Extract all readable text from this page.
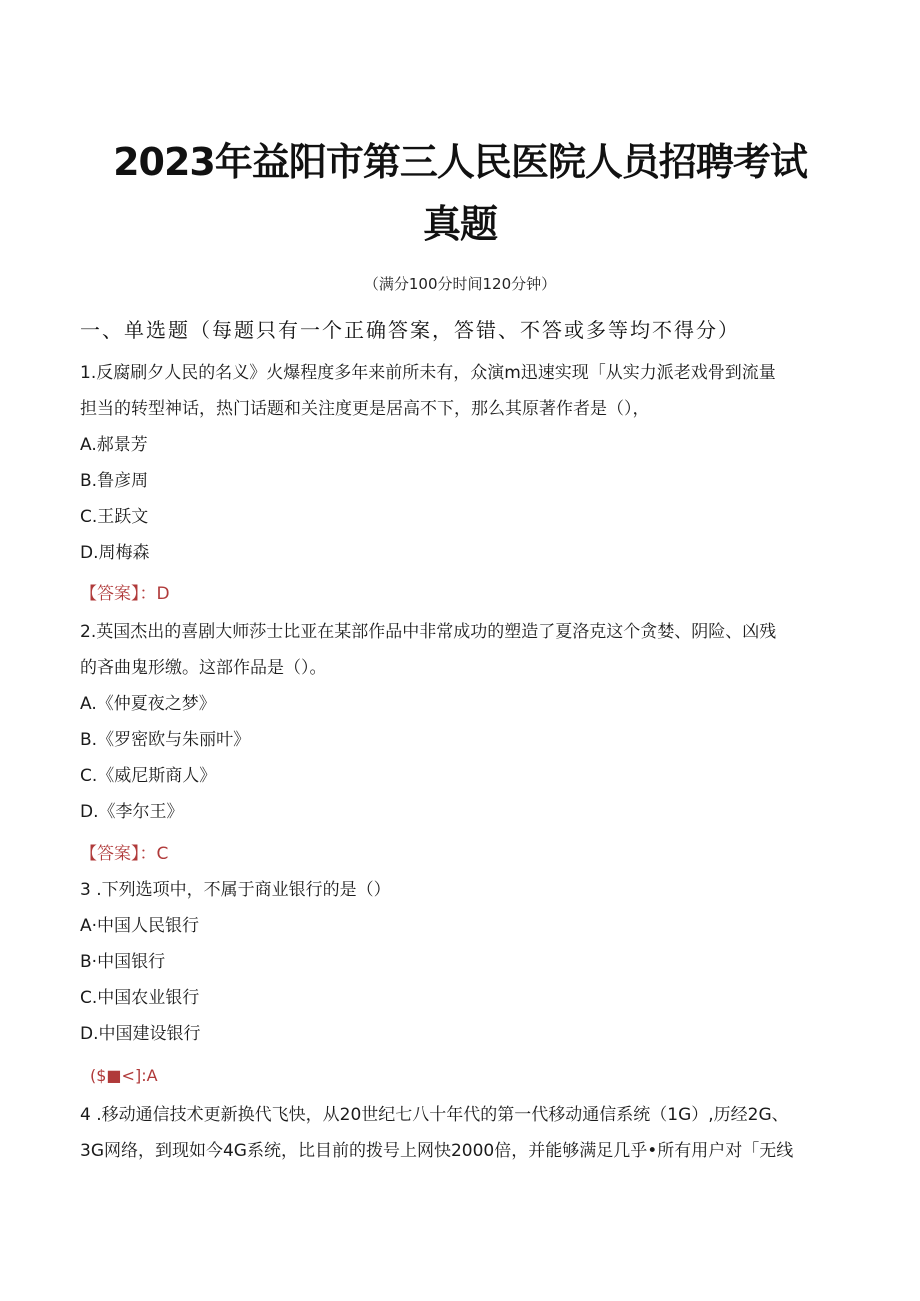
2023年益阳市第三人民医院人员招聘考试
真题
（满分100分时间120分钟）
一、单选题（每题只有一个正确答案，答错、不答或多等均不得分）
1.反腐刷夕人民的名义》火爆程度多年来前所未有，众演m迅速实现「从实力派老戏骨到流量
担当的转型神话，热门话题和关注度更是居高不下，那么其原著作者是（），
A.郝景芳
B.鲁彦周
C.王跃文
D.周梅森
【答案】：D
2.英国杰出的喜剧大师莎士比亚在某部作品中非常成功的塑造了夏洛克这个贪婪、阴险、凶残
的吝曲鬼形缴。这部作品是（）。
A.《仲夏夜之梦》
B.《罗密欧与朱丽叶》
C.《威尼斯商人》
D.《李尔王》
【答案】：C
3 .下列选项中，不属于商业银行的是（）
A·中国人民银行
B·中国银行
C.中国农业银行
D.中国建设银行
($■<]:A
4 .移动通信技术更新换代飞快，从20世纪七八十年代的第一代移动通信系统（1G）,历经2G、
3G网络，到现如今4G系统，比目前的拨号上网快2000倍，并能够满足几乎•所有用户对「无线
